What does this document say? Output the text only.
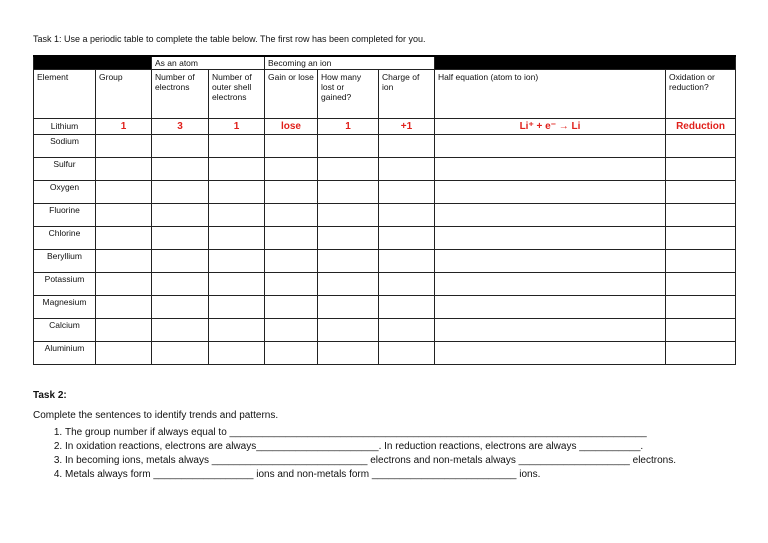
Task 1: Use a periodic table to complete the table below. The first row has been completed for you.
		As an atom		Becoming an ion				
Element	Group	Number of electrons	Number of outer shell electrons	Gain or lose	How many lost or gained?	Charge of ion	Half equation (atom to ion)	Oxidation or reduction?
Lithium	1	3	1	lose	1	+1	Li⁺ + e⁻ → Li	Reduction
Sodium								
Sulfur								
Oxygen								
Fluorine								
Chlorine								
Beryllium								
Potassium								
Magnesium								
Calcium								
Aluminium								
Task 2:
Complete the sentences to identify trends and patterns.
1. The group number if always equal to ___________________________________________________________________________
2. In oxidation reactions, electrons are always______________________. In reduction reactions, electrons are always ___________.
3. In becoming ions, metals always ____________________________ electrons and non-metals always ____________________ electrons.
4. Metals always form __________________ ions and non-metals form __________________________ ions.
